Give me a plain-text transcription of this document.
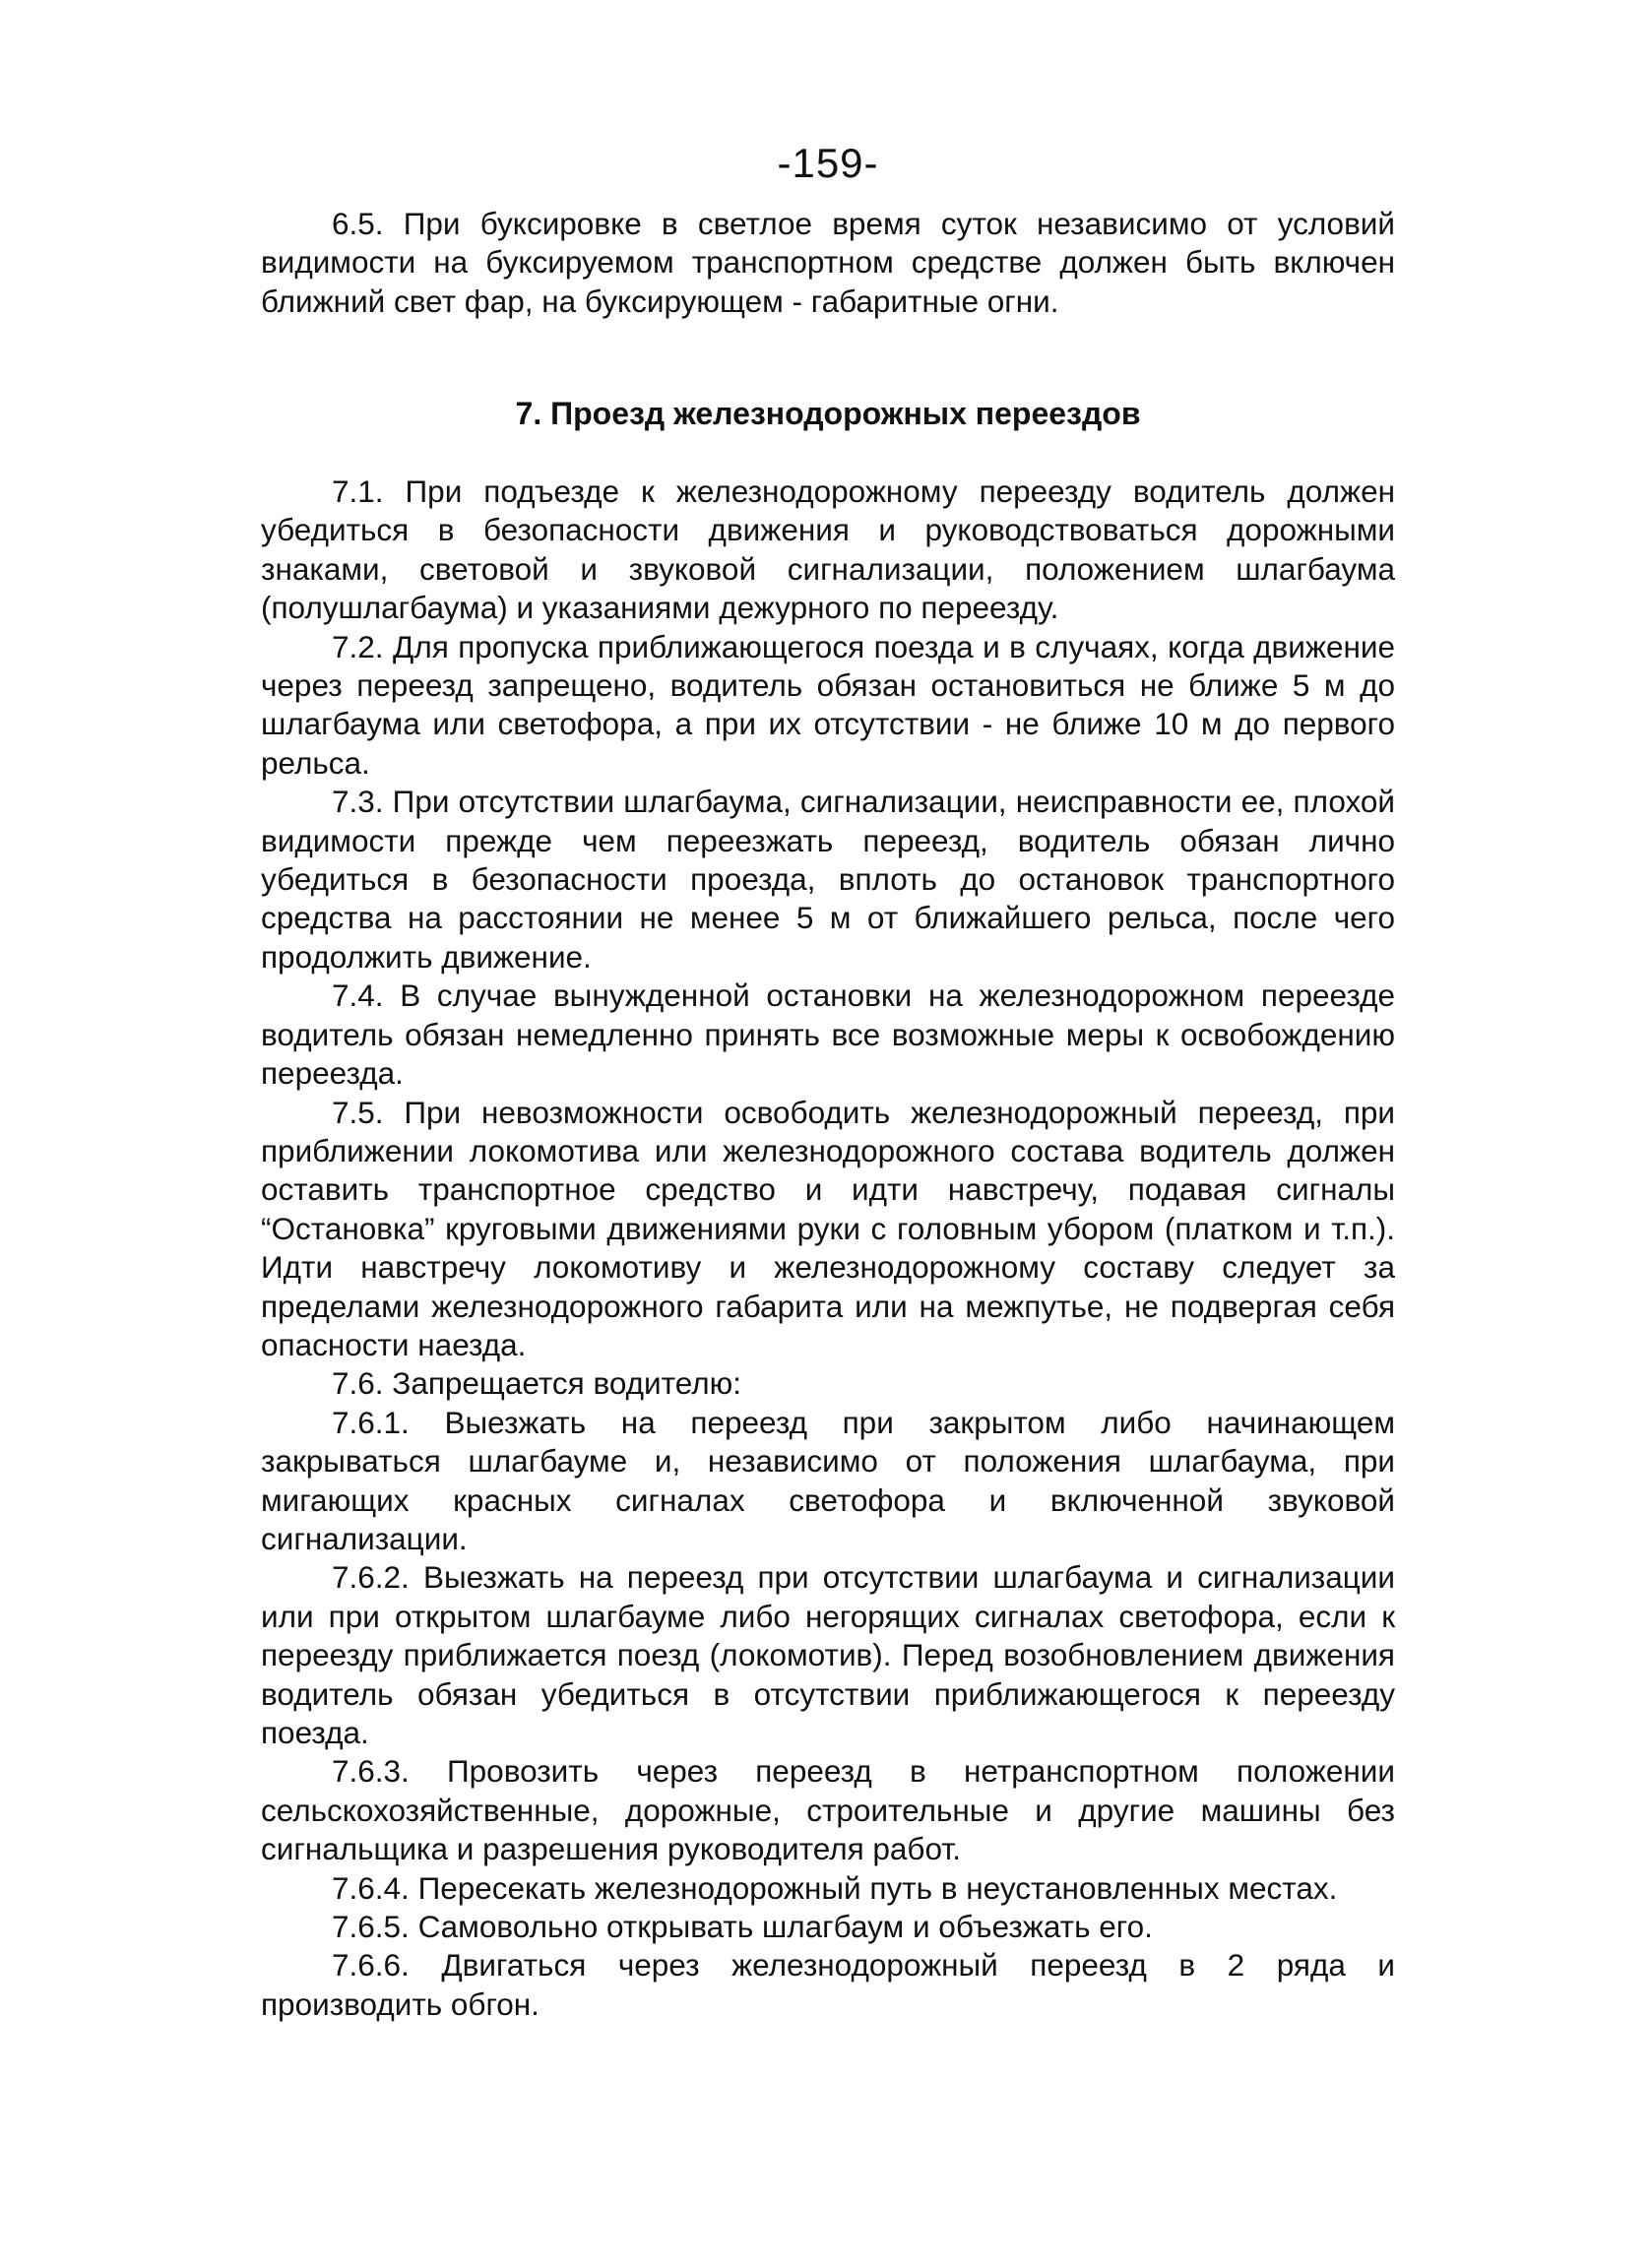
-159-

6.5. При буксировке в светлое время суток независимо от условий видимости на буксируемом транспортном средстве должен быть включен ближний свет фар, на буксирующем - габаритные огни.

7. Проезд железнодорожных переездов

7.1. При подъезде к железнодорожному переезду водитель должен убедиться в безопасности движения и руководствоваться дорожными знаками, световой и звуковой сигнализации, положением шлагбаума (полушлагбаума) и указаниями дежурного по переезду.

7.2. Для пропуска приближающегося поезда и в случаях, когда движение через переезд запрещено, водитель обязан остановиться не ближе 5 м до шлагбаума или светофора, а при их отсутствии - не ближе 10 м до первого рельса.

7.3. При отсутствии шлагбаума, сигнализации, неисправности ее, плохой видимости прежде чем переезжать переезд, водитель обязан лично убедиться в безопасности проезда, вплоть до остановок транспортного средства на расстоянии не менее 5 м от ближайшего рельса, после чего продолжить движение.

7.4. В случае вынужденной остановки на железнодорожном переезде водитель обязан немедленно принять все возможные меры к освобождению переезда.

7.5. При невозможности освободить железнодорожный переезд, при приближении локомотива или железнодорожного состава водитель должен оставить транспортное средство и идти навстречу, подавая сигналы “Остановка” круговыми движениями руки с головным убором (платком и т.п.). Идти навстречу локомотиву и железнодорожному составу следует за пределами железнодорожного габарита или на межпутье, не подвергая себя опасности наезда.

7.6. Запрещается водителю:

7.6.1. Выезжать на переезд при закрытом либо начинающем закрываться шлагбауме и, независимо от положения шлагбаума, при мигающих красных сигналах светофора и включенной звуковой сигнализации.

7.6.2. Выезжать на переезд при отсутствии шлагбаума и сигнализации или при открытом шлагбауме либо негорящих сигналах светофора, если к переезду приближается поезд (локомотив). Перед возобновлением движения водитель обязан убедиться в отсутствии приближающегося к переезду поезда.

7.6.3. Провозить через переезд в нетранспортном положении сельскохозяйственные, дорожные, строительные и другие машины без сигнальщика и разрешения руководителя работ.

7.6.4. Пересекать железнодорожный путь в неустановленных местах.

7.6.5. Самовольно открывать шлагбаум и объезжать его.

7.6.6. Двигаться через железнодорожный переезд в 2 ряда и производить обгон.
